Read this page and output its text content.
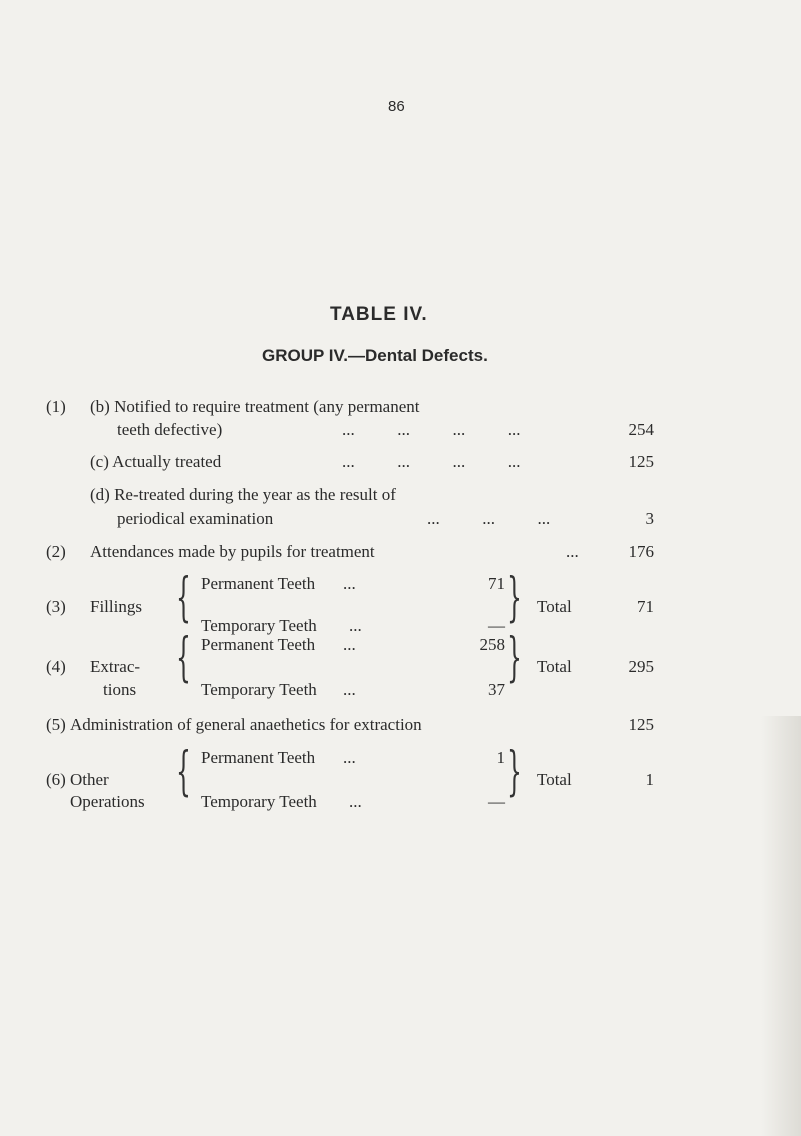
86
TABLE IV.
GROUP IV.—Dental Defects.
(1) (b) Notified to require treatment (any permanent
teeth defective)	...          ...          ...          ...	254
(c) Actually treated	...          ...          ...          ...	125
(d) Re-treated during the year as the result of
periodical examination	...          ...          ...	3
(2) Attendances made by pupils for treatment	...	176
(3) Fillings { Permanent Teeth ...	71
Temporary Teeth ...	— } Total	71
(4) Extrac-
tions
{ Permanent Teeth ...	258
Temporary Teeth ...	37
} Total	295
(5) Administration of general anaethetics for extraction	125
(6) Other
Operations { Permanent Teeth ...	1
Temporary Teeth ...	— } Total	1
